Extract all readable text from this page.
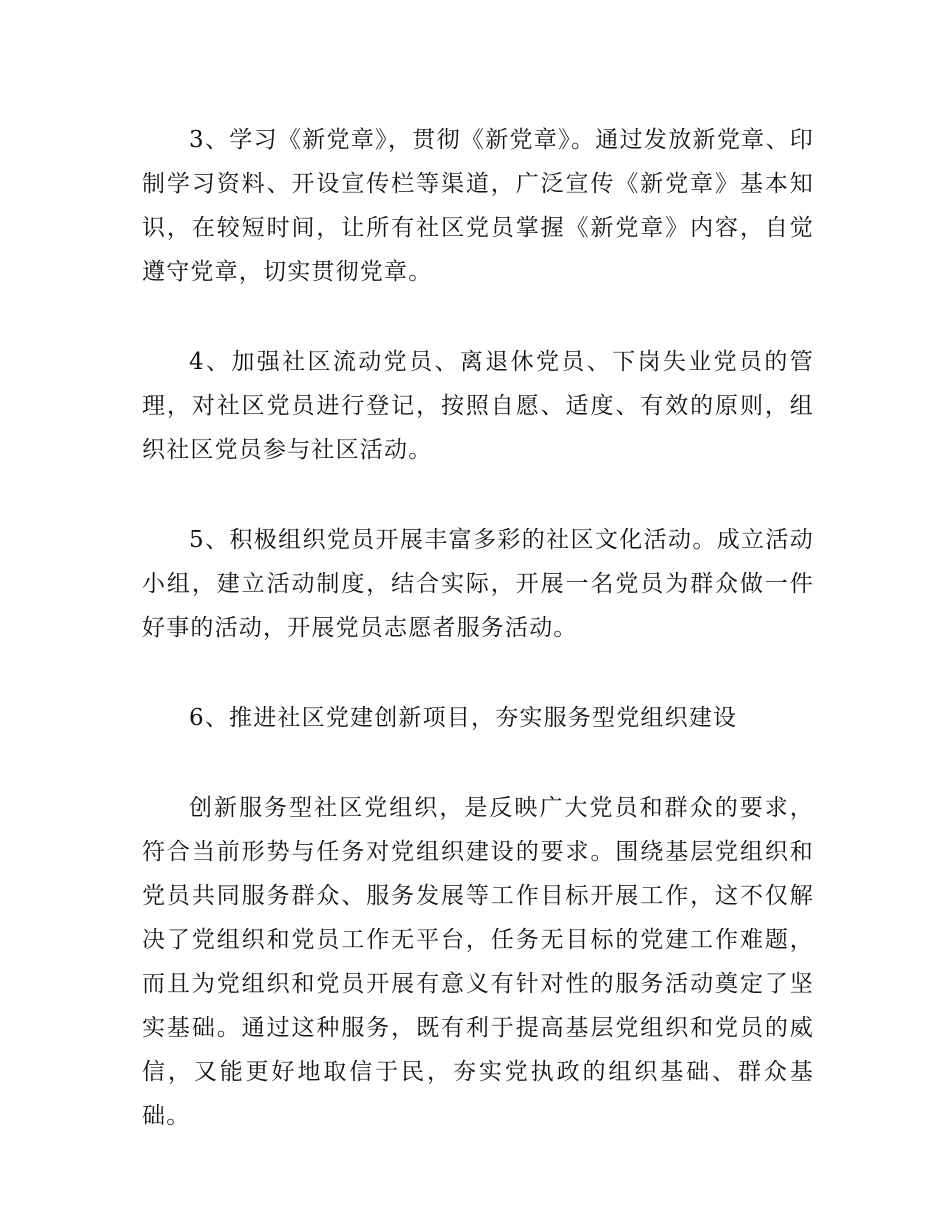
3、学习《新党章》，贯彻《新党章》。通过发放新党章、印制学习资料、开设宣传栏等渠道，广泛宣传《新党章》基本知识，在较短时间，让所有社区党员掌握《新党章》内容，自觉遵守党章，切实贯彻党章。

4、加强社区流动党员、离退休党员、下岗失业党员的管理，对社区党员进行登记，按照自愿、适度、有效的原则，组织社区党员参与社区活动。

5、积极组织党员开展丰富多彩的社区文化活动。成立活动小组，建立活动制度，结合实际，开展一名党员为群众做一件好事的活动，开展党员志愿者服务活动。

6、推进社区党建创新项目，夯实服务型党组织建设

创新服务型社区党组织，是反映广大党员和群众的要求，符合当前形势与任务对党组织建设的要求。围绕基层党组织和党员共同服务群众、服务发展等工作目标开展工作，这不仅解决了党组织和党员工作无平台，任务无目标的党建工作难题，而且为党组织和党员开展有意义有针对性的服务活动奠定了坚实基础。通过这种服务，既有利于提高基层党组织和党员的威信，又能更好地取信于民，夯实党执政的组织基础、群众基础。
